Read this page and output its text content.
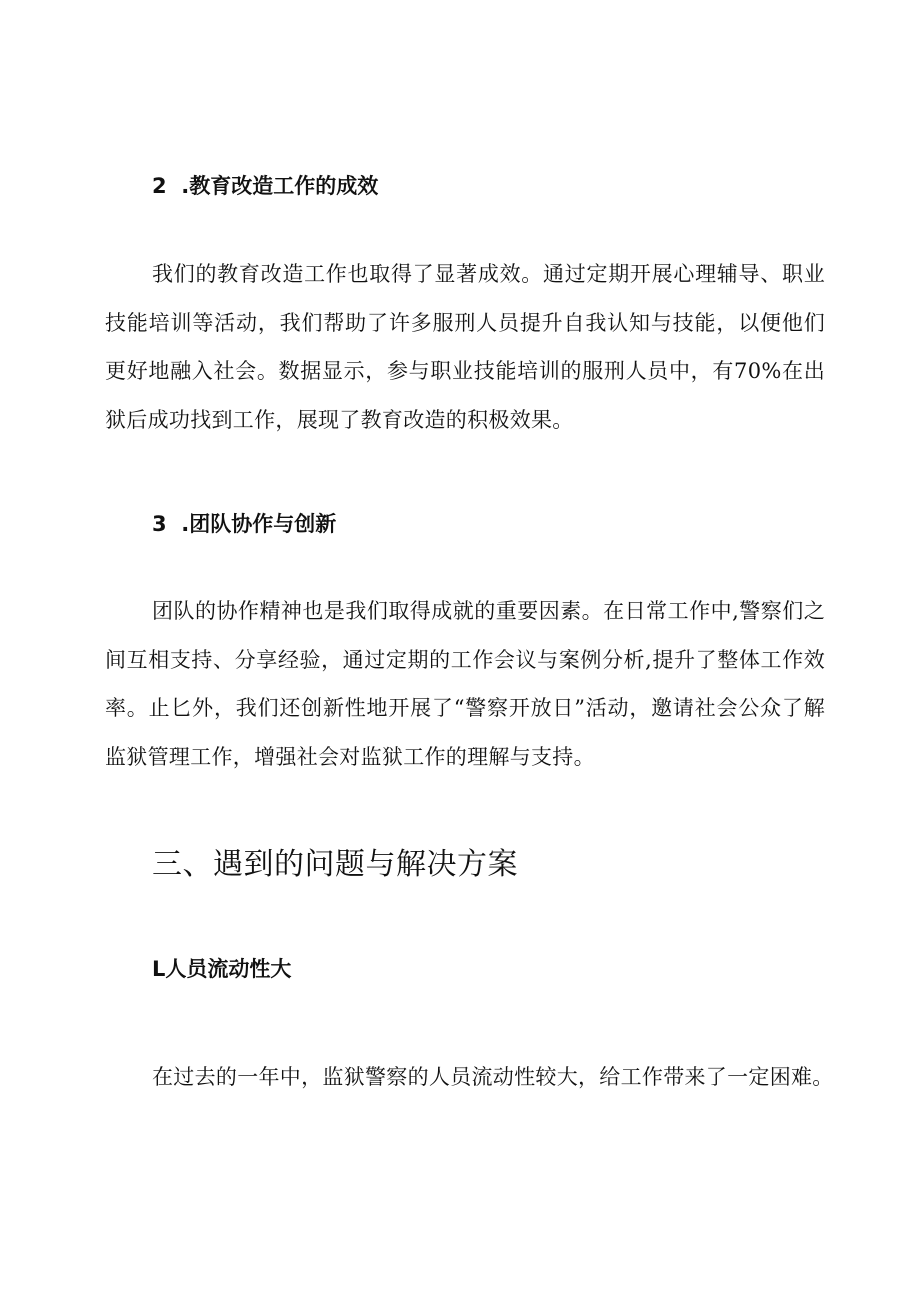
2  .教育改造工作的成效

我们的教育改造工作也取得了显著成效。通过定期开展心理辅导、职业技能培训等活动，我们帮助了许多服刑人员提升自我认知与技能，以便他们更好地融入社会。数据显示，参与职业技能培训的服刑人员中，有70%在出狱后成功找到工作，展现了教育改造的积极效果。

3  .团队协作与创新

团队的协作精神也是我们取得成就的重要因素。在日常工作中,警察们之间互相支持、分享经验，通过定期的工作会议与案例分析,提升了整体工作效率。止匕外，我们还创新性地开展了“警察开放日”活动，邀请社会公众了解监狱管理工作，增强社会对监狱工作的理解与支持。

三、遇到的问题与解决方案
L人员流动性大

在过去的一年中，监狱警察的人员流动性较大，给工作带来了一定困难。
